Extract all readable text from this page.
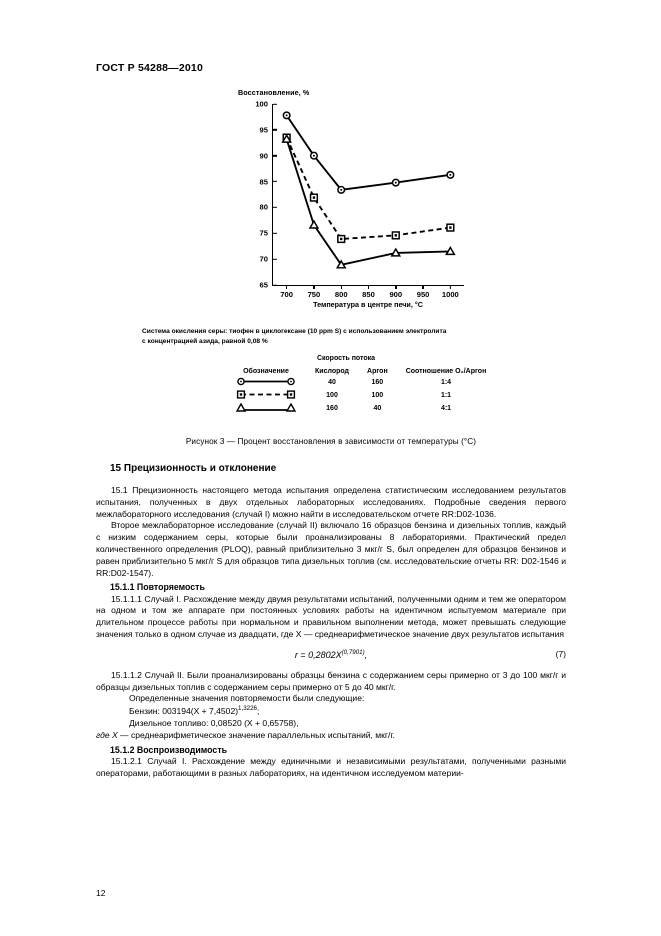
ГОСТ Р 54288—2010
Восстановление, %
65
70
75
80
85
90
95
100
700 750 800 850 900 950 1000
Температура в центре печи, °С
Система окисления серы: тиофен в циклогексане (10 ppm S) с использованием электролита
с концентрацией азида, равной 0,08 %
Скорость потока
Обозначение	Кислород	Аргон	Соотношение O₂/Аргон
	40	160	1:4
	100	100	1:1
	160	40	4:1
Рисунок 3 — Процент восстановления в зависимости от температуры (°С)
15 Прецизионность и отклонение

15.1 Прецизионность настоящего метода испытания определена статистическим исследованием результатов испытания, полученных в двух отдельных лабораторных исследованиях. Подробные сведения первого межлабораторного исследования (случай I) можно найти в исследовательском отчете RR:D02-1036.

Второе межлабораторное исследование (случай II) включало 16 образцов бензина и дизельных топлив, каждый с низким содержанием серы, которые были проанализированы 8 лабораториями. Практический предел количественного определения (PLOQ), равный приблизительно 3 мкг/г S, был определен для образцов бензинов и равен приблизительно 5 мкг/г S для образцов типа дизельных топлив (см. исследовательские отчеты RR: D02-1546 и RR:D02-1547).

15.1.1 Повторяемость

15.1.1.1 Случай I. Расхождение между двумя результатами испытаний, полученными одним и тем же оператором на одном и том же аппарате при постоянных условиях работы на идентичном испытуемом материале при длительном процессе работы при нормальном и правильном выполнении метода, может превышать следующие значения только в одном случае из двадцати, где X — среднеарифметическое значение двух результатов испытания

$r = 0,2802X^{(0,7901)}$,	(7)

15.1.1.2 Случай II. Были проанализированы образцы бензина с содержанием серы примерно от 3 до 100 мкг/г и образцы дизельных топлив с содержанием серы примерно от 5 до 40 мкг/г.

Определенные значения повторяемости были следующие:

Бензин: $003194(X + 7,4502)^{1,3226}$;

Дизельное топливо: 0,08520 (X + 0,65758),

где X — среднеарифметическое значение параллельных испытаний, мкг/г.

15.1.2 Воспроизводимость

15.1.2.1 Случай I. Расхождение между единичными и независимыми результатами, полученными разными операторами, работающими в разных лабораториях, на идентичном исследуемом материи-

12
